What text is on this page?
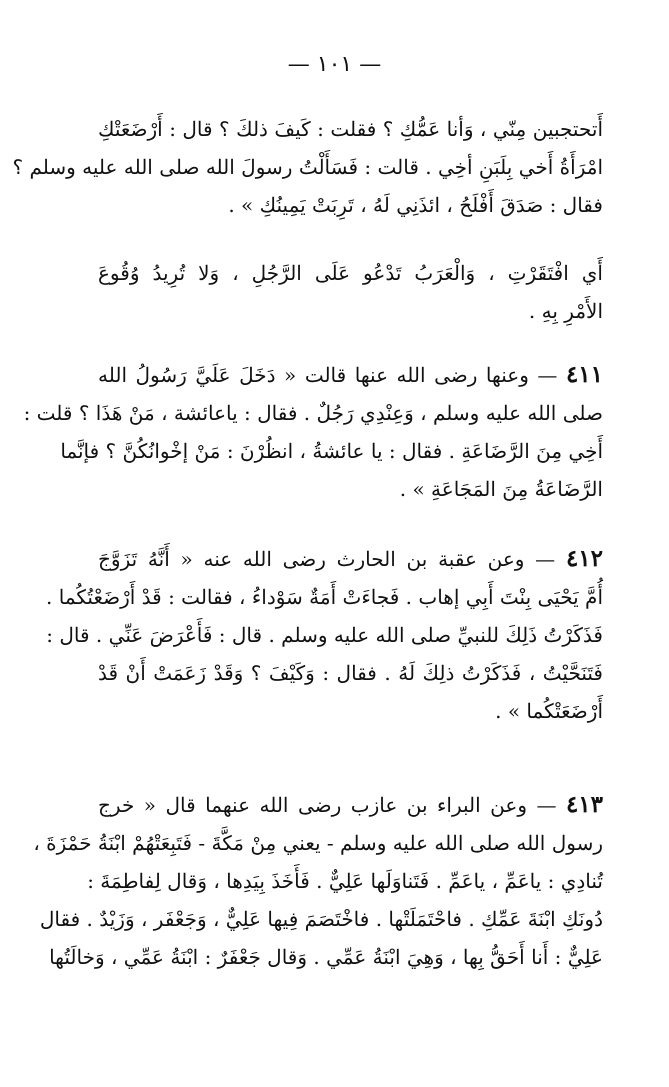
— ١٠١ —
أَتحتجبين مِنّي ، وَأنا عَمُّكِ ؟ فقلت : كَيفَ ذلكَ ؟ قال : أَرْضَعَتْكِ
امْرَأَةُ أَخي بِلَبَنِ أخِي . قالت : فَسَأَلْتُ رسولَ الله صلى الله عليه وسلم ؟
فقال : صَدَقَ أَفْلَحُ ، ائذَنِي لَهُ ، تَرِبَتْ يَمِينُكِ » .
أَي افْتَقَرْتِ ، وَالْعَرَبُ تَدْعُو عَلَى الرَّجُلِ ، وَلا تُرِيدُ وُقُوعَ
الأَمْرِ بِهِ .
٤١١ — وعنها رضى الله عنها قالت « دَخَلَ عَلَيَّ رَسُولُ الله
صلى الله عليه وسلم ، وَعِنْدِي رَجُلٌ . فقال : ياعائشة ، مَنْ هَذَا ؟ قلت :
أَخِي مِنَ الرَّضَاعَةِ . فقال : يا عائشةُ ، انظُرْنَ : مَنْ إخْوانُكُنَّ ؟ فإنَّما
الرَّضَاعَةُ مِنَ المَجَاعَةِ » .
٤١٢ — وعن عقبة بن الحارث رضى الله عنه « أَنَّهُ تَزَوَّجَ
أُمَّ يَحْيَى بِنْتَ أَبِي إهاب . فَجاءَتْ أَمَةٌ سَوْداءُ ، فقالت : قَدْ أَرْضَعْتُكُما .
فَذَكَرْتُ ذَلِكَ للنبيِّ صلى الله عليه وسلم . قال : فَأَعْرَضَ عَنِّي . قال :
فَتَنَحَّيْتُ ، فَذَكَرْتُ ذلِكَ لَهُ . فقال : وَكَيْفَ ؟ وَقَدْ زَعَمَتْ أَنْ قَدْ
أَرْضَعَتْكُما » .
٤١٣ — وعن البراء بن عازب رضى الله عنهما قال « خرج
رسول الله صلى الله عليه وسلم - يعني مِنْ مَكَّةَ - فَتَبِعَتْهُمْ ابْنَةُ حَمْزَةَ ،
تُنادِي : ياعَمِّ ، ياعَمِّ . فَتَناوَلَها عَلِيٌّ . فَأَخَذَ بِيَدِها ، وَقال لِفاطِمَةَ :
دُونَكِ ابْنَةَ عَمِّكِ . فاحْتَمَلَتْها . فاخْتَصَمَ فِيها عَلِيٌّ ، وَجَعْفَر ، وَزَيْدٌ . فقال
عَلِيٌّ : أَنا أَحَقُّ بِها ، وَهِيَ ابْنَةُ عَمِّي . وَقال جَعْفَرٌ : ابْنَةُ عَمِّي ، وَخالَتُها
